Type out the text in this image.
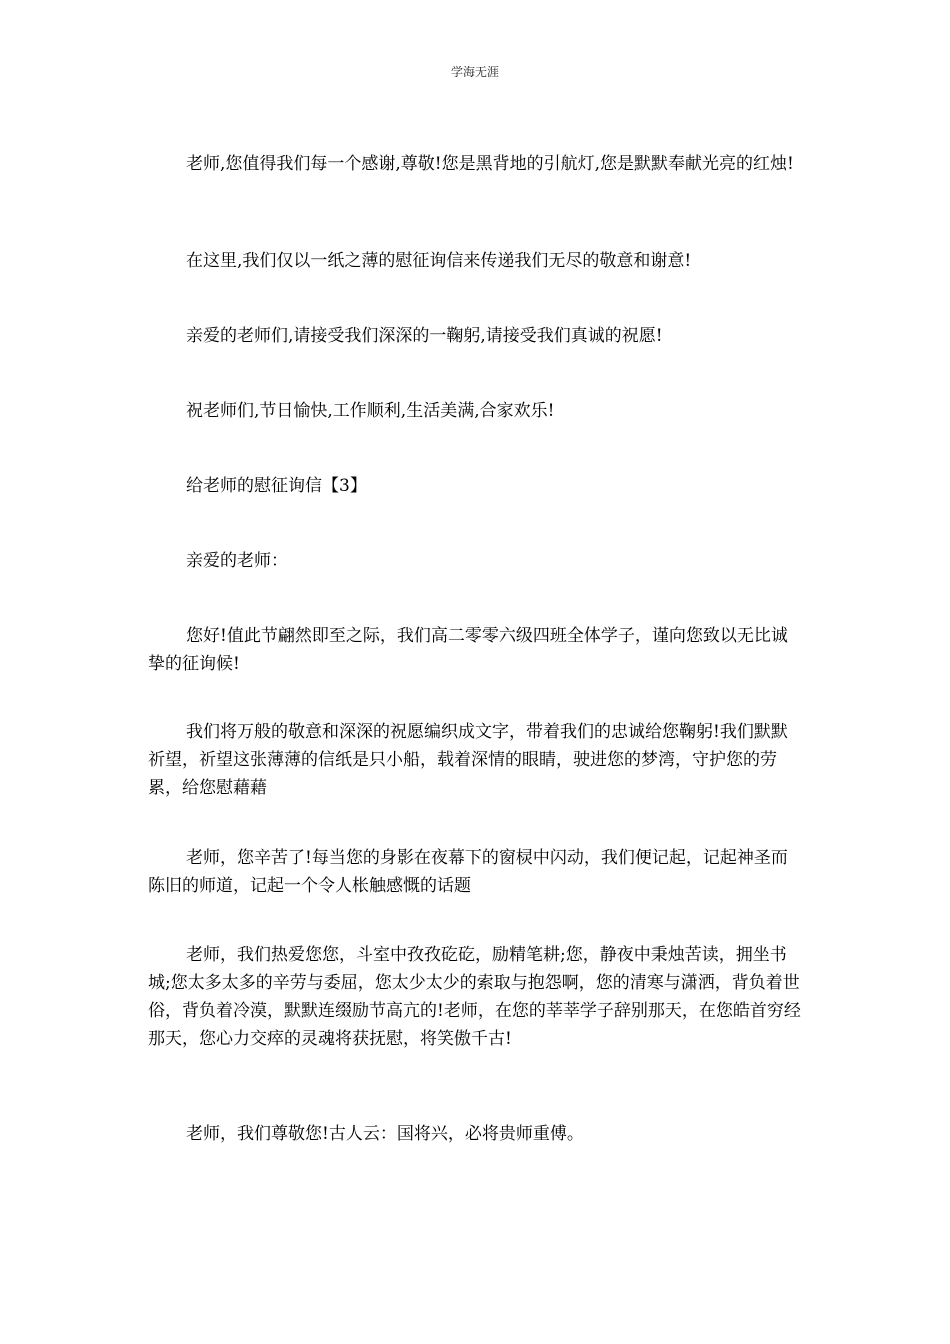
学海无涯

老师,您值得我们每一个感谢,尊敬!您是黑背地的引航灯,您是默默奉献光亮的红烛!

在这里,我们仅以一纸之薄的慰征询信来传递我们无尽的敬意和谢意!

亲爱的老师们,请接受我们深深的一鞠躬,请接受我们真诚的祝愿!

祝老师们,节日愉快,工作顺利,生活美满,合家欢乐!

给老师的慰征询信【3】

亲爱的老师：

您好!值此节翩然即至之际，我们高二零零六级四班全体学子，谨向您致以无比诚挚的征询候!

我们将万般的敬意和深深的祝愿编织成文字，带着我们的忠诚给您鞠躬!我们默默祈望，祈望这张薄薄的信纸是只小船，载着深情的眼睛，驶进您的梦湾，守护您的劳累，给您慰藉藉

老师，您辛苦了!每当您的身影在夜幕下的窗棂中闪动，我们便记起，记起神圣而陈旧的师道，记起一个令人枨触感慨的话题

老师，我们热爱您您，斗室中孜孜矻矻，励精笔耕;您，静夜中秉烛苦读，拥坐书城;您太多太多的辛劳与委屈，您太少太少的索取与抱怨啊，您的清寒与潇洒，背负着世俗，背负着冷漠，默默连缀励节高亢的!老师，在您的莘莘学子辞别那天，在您皓首穷经那天，您心力交瘁的灵魂将获抚慰，将笑傲千古!

老师，我们尊敬您!古人云：国将兴，必将贵师重傅。
